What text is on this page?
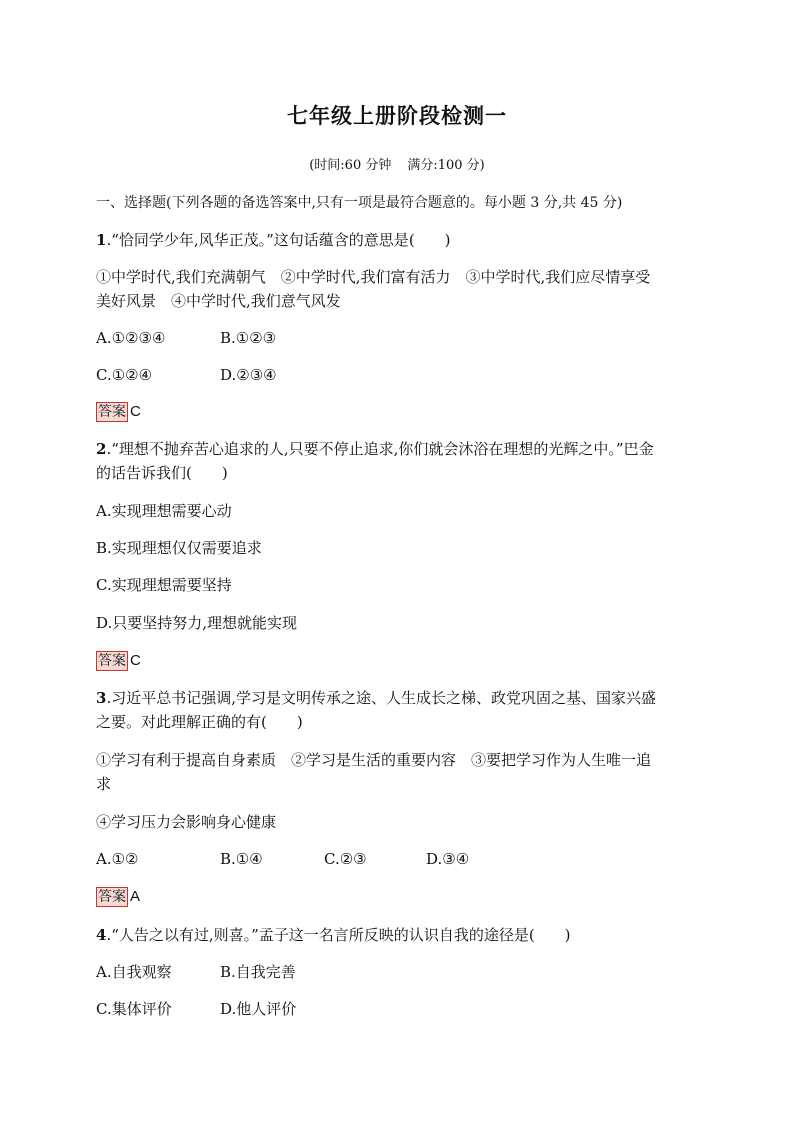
七年级上册阶段检测一
(时间:60 分钟 满分:100 分)
一、选择题(下列各题的备选答案中,只有一项是最符合题意的。每小题 3 分,共 45 分)
1.“恰同学少年,风华正茂。”这句话蕴含的意思是(　　)
①中学时代,我们充满朝气　②中学时代,我们富有活力　③中学时代,我们应尽情享受
美好风景　④中学时代,我们意气风发
A.①②③④	B.①②③
C.①②④	D.②③④
答案 C
2.“理想不抛弃苦心追求的人,只要不停止追求,你们就会沐浴在理想的光辉之中。”巴金
的话告诉我们(　　)
A.实现理想需要心动
B.实现理想仅仅需要追求
C.实现理想需要坚持
D.只要坚持努力,理想就能实现
答案 C
3.习近平总书记强调,学习是文明传承之途、人生成长之梯、政党巩固之基、国家兴盛
之要。对此理解正确的有(　　)
①学习有利于提高自身素质　②学习是生活的重要内容　③要把学习作为人生唯一追
求
④学习压力会影响身心健康
A.①②	B.①④	C.②③	D.③④
答案 A
4.“人告之以有过,则喜。”孟子这一名言所反映的认识自我的途径是(　　)
A.自我观察	B.自我完善
C.集体评价	D.他人评价
